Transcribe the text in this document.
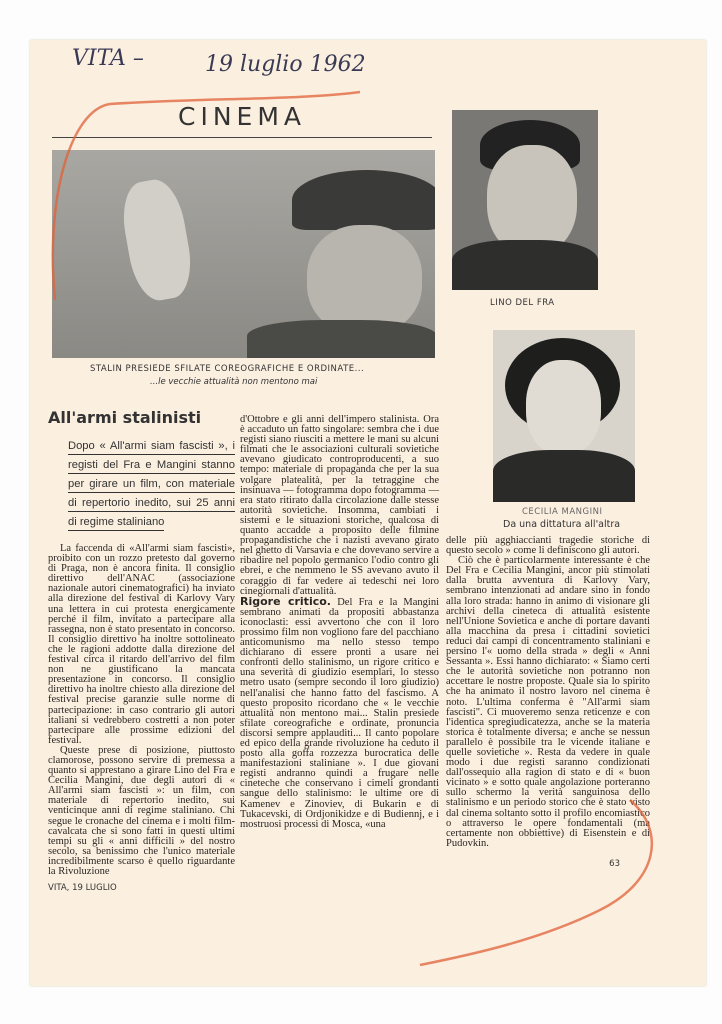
VITA –	19 luglio 1962
CINEMA
STALIN PRESIEDE SFILATE COREOGRAFICHE E ORDINATE...
...le vecchie attualità non mentono mai
LINO DEL FRA
All'armi stalinisti
Dopo « All'armi siam fascisti », i registi del Fra e Mangini stanno per girare un film, con materiale di repertorio inedito, sui 25 anni di regime staliniano

La faccenda di «All'armi siam fascisti», proibito con un rozzo pretesto dal governo di Praga, non è ancora finita. Il consiglio direttivo dell'ANAC (associazione nazionale autori cinematografici) ha inviato alla direzione del festival di Karlovy Vary una lettera in cui protesta energicamente perché il film, invitato a partecipare alla rassegna, non è stato presentato in concorso. Il consiglio direttivo ha inoltre sottolineato che le ragioni addotte dalla direzione del festival circa il ritardo dell'arrivo del film non ne giustificano la mancata presentazione in concorso. Il consiglio direttivo ha inoltre chiesto alla direzione del festival precise garanzie sulle norme di partecipazione: in caso contrario gli autori italiani si vedrebbero costretti a non poter partecipare alle prossime edizioni del festival.

Queste prese di posizione, piuttosto clamorose, possono servire di premessa a quanto si apprestano a girare Lino del Fra e Cecilia Mangini, due degli autori di « All'armi siam fascisti »: un film, con materiale di repertorio inedito, sui venticinque anni di regime staliniano. Chi segue le cronache del cinema e i molti film-cavalcata che si sono fatti in questi ultimi tempi su gli « anni difficili » del nostro secolo, sa benissimo che l'unico materiale incredibilmente scarso è quello riguardante la Rivoluzione

VITA, 19 LUGLIO

d'Ottobre e gli anni dell'impero stalinista. Ora è accaduto un fatto singolare: sembra che i due registi siano riusciti a mettere le mani su alcuni filmati che le associazioni culturali sovietiche avevano giudicato controproducenti, a suo tempo: materiale di propaganda che per la sua volgare platealità, per la tetraggine che insinuava — fotogramma dopo fotogramma — era stato ritirato dalla circolazione dalle stesse autorità sovietiche. Insomma, cambiati i sistemi e le situazioni storiche, qualcosa di quanto accadde a proposito delle filmine propagandistiche che i nazisti avevano girato nel ghetto di Varsavia e che dovevano servire a ribadire nel popolo germanico l'odio contro gli ebrei, e che nemmeno le SS avevano avuto il coraggio di far vedere ai tedeschi nei loro cinegiornali d'attualità.

Rigore critico. Del Fra e la Mangini sembrano animati da propositi abbastanza iconoclasti: essi avvertono che con il loro prossimo film non vogliono fare del pacchiano anticomunismo ma nello stesso tempo dichiarano di essere pronti a usare nei confronti dello stalinismo, un rigore critico e una severità di giudizio esemplari, lo stesso metro usato (sempre secondo il loro giudizio) nell'analisi che hanno fatto del fascismo. A questo proposito ricordano che « le vecchie attualità non mentono mai... Stalin presiede sfilate coreografiche e ordinate, pronuncia discorsi sempre applauditi... Il canto popolare ed epico della grande rivoluzione ha ceduto il posto alla goffa rozzezza burocratica delle manifestazioni staliniane ». I due giovani registi andranno quindi a frugare nelle cineteche che conservano i cimeli grondanti sangue dello stalinismo: le ultime ore di Kamenev e Zinoviev, di Bukarin e di Tukacevski, di Ordjonikidze e di Budiennj, e i mostruosi processi di Mosca, «una

CECILIA MANGINI
Da una dittatura all'altra

delle più agghiaccianti tragedie storiche di questo secolo » come li definiscono gli autori.

Ciò che è particolarmente interessante è che Del Fra e Cecilia Mangini, ancor più stimolati dalla brutta avventura di Karlovy Vary, sembrano intenzionati ad andare sino in fondo alla loro strada: hanno in animo di visionare gli archivi della cineteca di attualità esistente nell'Unione Sovietica e anche di portare davanti alla macchina da presa i cittadini sovietici reduci dai campi di concentramento staliniani e persino l'« uomo della strada » degli « Anni Sessanta ». Essi hanno dichiarato: « Siamo certi che le autorità sovietiche non potranno non accettare le nostre proposte. Quale sia lo spirito che ha animato il nostro lavoro nel cinema è noto. L'ultima conferma è "All'armi siam fascisti". Ci muoveremo senza reticenze e con l'identica spregiudicatezza, anche se la materia storica è totalmente diversa; e anche se nessun parallelo è possibile tra le vicende italiane e quelle sovietiche ». Resta da vedere in quale modo i due registi saranno condizionati dall'ossequio alla ragion di stato e di « buon vicinato » e sotto quale angolazione porteranno sullo schermo la verità sanguinosa dello stalinismo e un periodo storico che è stato visto dal cinema soltanto sotto il profilo encomiastico o attraverso le opere fondamentali (ma certamente non obbiettive) di Eisenstein e di Pudovkin.

63
